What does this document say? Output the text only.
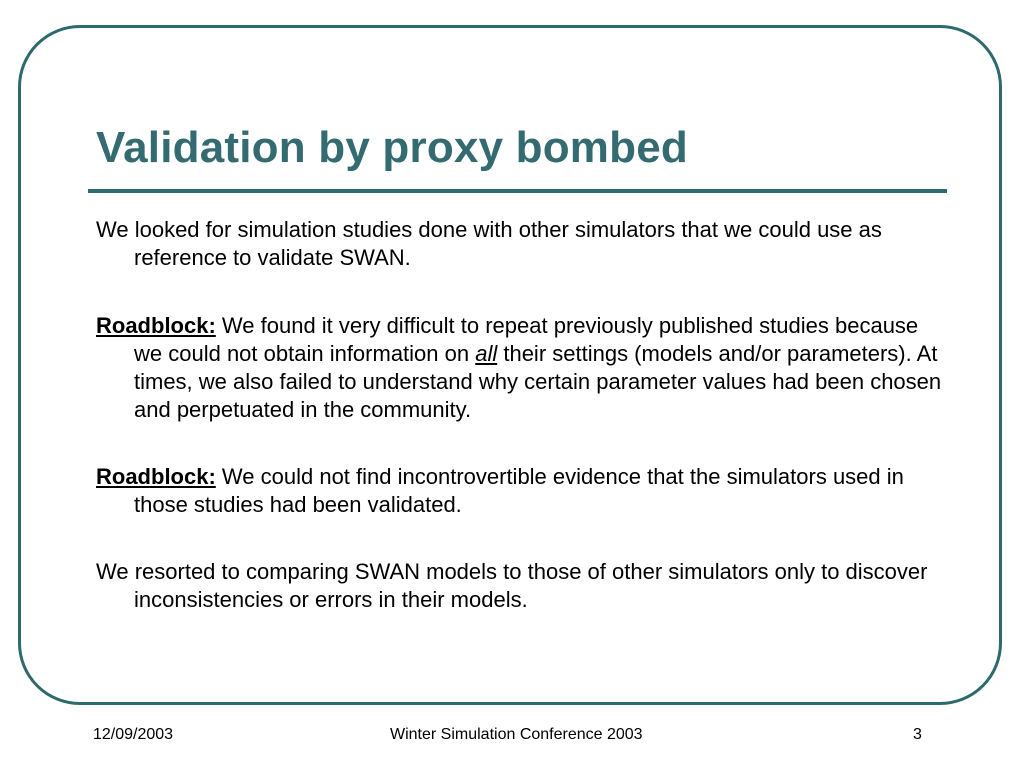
Validation by proxy bombed

We looked for simulation studies done with other simulators that we could use as reference to validate SWAN.

Roadblock: We found it very difficult to repeat previously published studies because we could not obtain information on all their settings (models and/or parameters). At times, we also failed to understand why certain parameter values had been chosen and perpetuated in the community.

Roadblock: We could not find incontrovertible evidence that the simulators used in those studies had been validated.

We resorted to comparing SWAN models to those of other simulators only to discover inconsistencies or errors in their models.

12/09/2003	Winter Simulation Conference 2003	3
